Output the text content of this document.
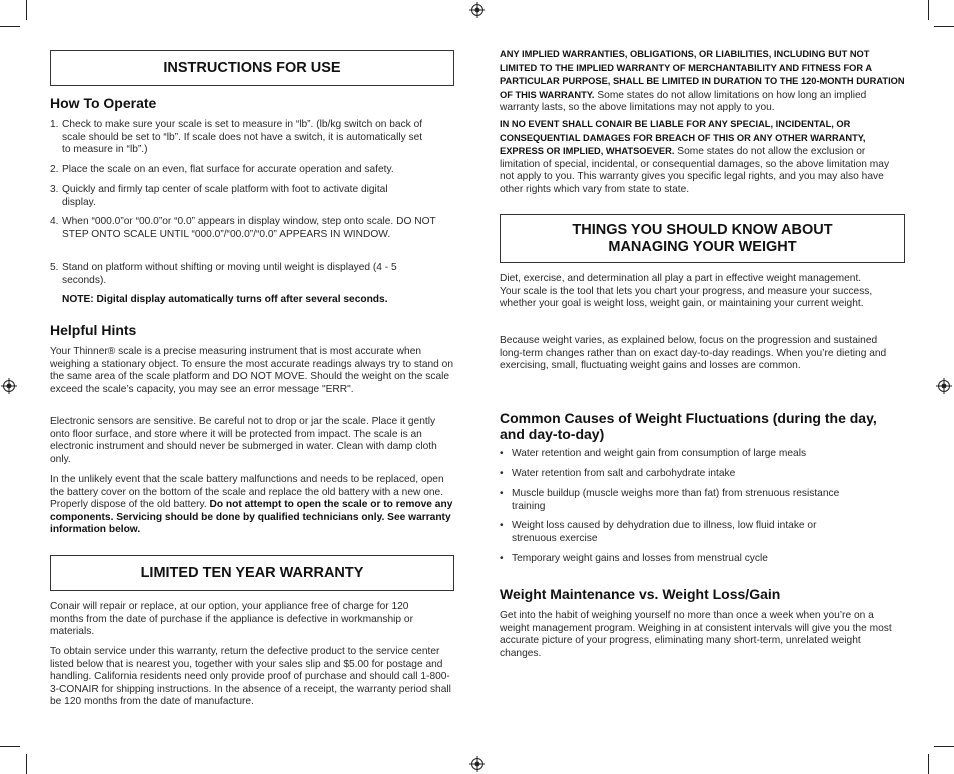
INSTRUCTIONS FOR USE
How To Operate
1. Check to make sure your scale is set to measure in “lb”. (lb/kg switch on back of scale should be set to “lb”. If scale does not have a switch, it is automatically set to measure in “lb”.)
2. Place the scale on an even, flat surface for accurate operation and safety.
3. Quickly and firmly tap center of scale platform with foot to activate digital display.
4. When “000.0”or “00.0”or “0.0” appears in display window, step onto scale. DO NOT STEP ONTO SCALE UNTIL “000.0”/“00.0”/“0.0” APPEARS IN WINDOW.
5. Stand on platform without shifting or moving until weight is displayed (4 - 5 seconds).

NOTE: Digital display automatically turns off after several seconds.

Helpful Hints

Your Thinner® scale is a precise measuring instrument that is most accurate when weighing a stationary object. To ensure the most accurate readings always try to stand on the same area of the scale platform and DO NOT MOVE. Should the weight on the scale exceed the scale’s capacity, you may see an error message "ERR".

Electronic sensors are sensitive. Be careful not to drop or jar the scale. Place it gently onto floor surface, and store where it will be protected from impact. The scale is an electronic instrument and should never be submerged in water. Clean with damp cloth only.

In the unlikely event that the scale battery malfunctions and needs to be replaced, open the battery cover on the bottom of the scale and replace the old battery with a new one. Properly dispose of the old battery. Do not attempt to open the scale or to remove any components. Servicing should be done by qualified technicians only. See warranty information below.

LIMITED TEN YEAR WARRANTY

Conair will repair or replace, at our option, your appliance free of charge for 120 months from the date of purchase if the appliance is defective in workmanship or materials.

To obtain service under this warranty, return the defective product to the service center listed below that is nearest you, together with your sales slip and $5.00 for postage and handling. California residents need only provide proof of purchase and should call 1-800-3-CONAIR for shipping instructions. In the absence of a receipt, the warranty period shall be 120 months from the date of manufacture.

ANY IMPLIED WARRANTIES, OBLIGATIONS, OR LIABILITIES, INCLUDING BUT NOT LIMITED TO THE IMPLIED WARRANTY OF MERCHANTABILITY AND FITNESS FOR A PARTICULAR PURPOSE, SHALL BE LIMITED IN DURATION TO THE 120-MONTH DURATION OF THIS WARRANTY. Some states do not allow limitations on how long an implied warranty lasts, so the above limitations may not apply to you.

IN NO EVENT SHALL CONAIR BE LIABLE FOR ANY SPECIAL, INCIDENTAL, OR CONSEQUENTIAL DAMAGES FOR BREACH OF THIS OR ANY OTHER WARRANTY, EXPRESS OR IMPLIED, WHATSOEVER. Some states do not allow the exclusion or limitation of special, incidental, or consequential damages, so the above limitation may not apply to you. This warranty gives you specific legal rights, and you may also have other rights which vary from state to state.

THINGS YOU SHOULD KNOW ABOUT
MANAGING YOUR WEIGHT

Diet, exercise, and determination all play a part in effective weight management. Your scale is the tool that lets you chart your progress, and measure your success, whether your goal is weight loss, weight gain, or maintaining your current weight.

Because weight varies, as explained below, focus on the progression and sustained long-term changes rather than on exact day-to-day readings. When you’re dieting and exercising, small, fluctuating weight gains and losses are common.

Common Causes of Weight Fluctuations (during the day, and day-to-day)
• Water retention and weight gain from consumption of large meals
• Water retention from salt and carbohydrate intake
• Muscle buildup (muscle weighs more than fat) from strenuous resistance training
• Weight loss caused by dehydration due to illness, low fluid intake or strenuous exercise
• Temporary weight gains and losses from menstrual cycle
Weight Maintenance vs. Weight Loss/Gain

Get into the habit of weighing yourself no more than once a week when you’re on a weight management program. Weighing in at consistent intervals will give you the most accurate picture of your progress, eliminating many short-term, unrelated weight changes.
